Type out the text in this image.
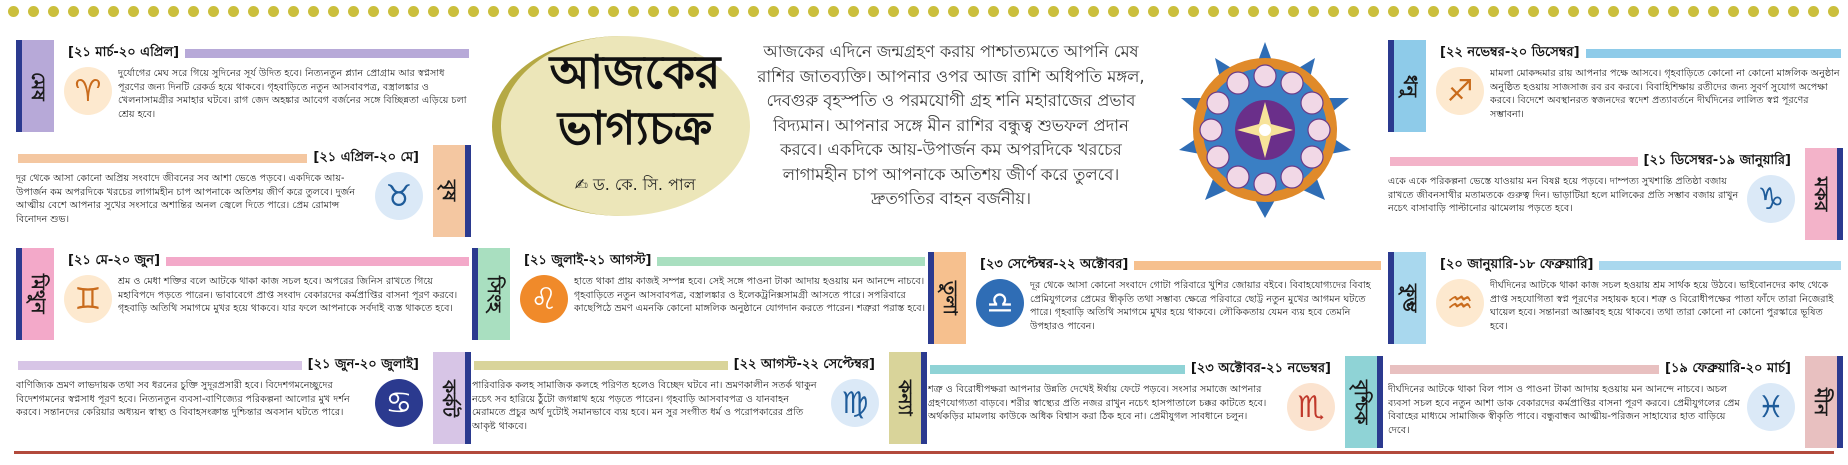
মেষ
[২১ মার্চ-২০ এপ্রিল]
♈	দুর্যোগের মেঘ সরে গিয়ে সুদিনের সূর্য উদিত হবে। নিত্যনতুন প্ল্যান প্রোগ্রাম আর স্বপ্নসাধ পূরণের জন্য দিনটি রেকর্ড হয়ে থাকবে। গৃহবাড়িতে নতুন আসবাবপত্র, বস্ত্রালঙ্কার ও খেলনাসামগ্রীর সমাহার ঘটবে। রাগ জেদ অহঙ্কার আবেগ বর্জনের সঙ্গে বিচ্ছিন্নতা এড়িয়ে চলা শ্রেয় হবে।
বৃষ
[২১ এপ্রিল-২০ মে]
♉
দূর থেকে আসা কোনো অপ্রিয় সংবাদে জীবনের সব আশা ভেঙে পড়বে। একদিকে আয়-উপার্জন কম অপরদিকে খরচের লাগামহীন চাপ আপনাকে অতিশয় জীর্ণ করে তুলবে। দুর্জন আত্মীয় বেশে আপনার সুখের সংসারে অশান্তির অনল জ্বেলে দিতে পারে। প্রেম রোমান্স বিনোদন শুভ।
মিথুন
[২১ মে-২০ জুন]
♊	শ্রম ও মেধা শক্তির বলে আটকে থাকা কাজ সচল হবে। অপরের জিনিস রাখতে গিয়ে মহাবিপদে পড়তে পারেন। ভাবাবেগে প্রাপ্ত সংবাদ বেকারদের কর্মপ্রাপ্তির বাসনা পূরণ করবে। গৃহবাড়ি অতিথি সমাগমে মুখর হয়ে থাকবে। যার ফলে আপনাকে সর্বদাই ব্যস্ত থাকতে হবে।
কর্কট
[২১ জুন-২০ জুলাই]
♋
বাণিজ্যিক ভ্রমণ লাভদায়ক তথা সব ধরনের চুক্তি সুদূরপ্রসারী হবে। বিদেশগমনেচ্ছুদের বিদেশগমনের স্বপ্নসাধ পূরণ হবে। নিত্যনতুন ব্যবসা-বাণিজ্যের পরিকল্পনা আলোর মুখ দর্শন করবে। সন্তানদের কেরিয়ার অধ্যয়ন স্বাস্থ্য ও বিবাহসংক্রান্ত দুশ্চিন্তার অবসান ঘটতে পারে।
আজকের
ভাগ্যচক্র
✍ ড. কে. সি. পাল
আজকের এদিনে জন্মগ্রহণ করায় পাশ্চাত্যমতে আপনি মেষ রাশির জাতব্যক্তি। আপনার ওপর আজ রাশি অধিপতি মঙ্গল, দেবগুরু বৃহস্পতি ও পরমযোগী গ্রহ শনি মহারাজের প্রভাব বিদ্যমান। আপনার সঙ্গে মীন রাশির বন্ধুত্ব শুভফল প্রদান করবে। একদিকে আয়-উপার্জন কম অপরদিকে খরচের লাগামহীন চাপ আপনাকে অতিশয় জীর্ণ করে তুলবে। দ্রুতগতির বাহন বর্জনীয়।
সিংহ
[২১ জুলাই-২১ আগস্ট]
♌	হাতে থাকা প্রায় কাজই সম্পন্ন হবে। সেই সঙ্গে পাওনা টাকা আদায় হওয়ায় মন আনন্দে নাচবে। গৃহবাড়িতে নতুন আসবাবপত্র, বস্ত্রালঙ্কার ও ইলেকট্রনিক্সসামগ্রী আসতে পারে। সপরিবারে কাছেপিঠে ভ্রমণ এমনকি কোনো মাঙ্গলিক অনুষ্ঠানে যোগদান করতে পারেন। শত্রুরা পরাস্ত হবে।
কন্যা
[২২ আগস্ট-২২ সেপ্টেম্বর]
♍
পারিবারিক কলহ সামাজিক কলহে পরিণত হলেও বিচ্ছেদ ঘটবে না। ভ্রমণকালীন সতর্ক থাকুন নচেৎ সব হারিয়ে ঠুঁটো জগন্নাথ হয়ে পড়তে পারেন। গৃহবাড়ি আসবাবপত্র ও যানবাহন মেরামতে প্রচুর অর্থ দুটোই সমানভাবে ব্যয় হবে। মন সুর সংগীত ধর্ম ও পরোপকারের প্রতি আকৃষ্ট থাকবে।
তুলা
[২৩ সেপ্টেম্বর-২২ অক্টোবর]
♎	দূর থেকে আসা কোনো সংবাদে গোটা পরিবারে খুশির জোয়ার বইবে। বিবাহযোগ্যদের বিবাহ প্রেমিযুগলের প্রেমের স্বীকৃতি তথা সম্ভাব্য ক্ষেত্রে পরিবারে ছোট্ট নতুন মুখের আগমন ঘটতে পারে। গৃহবাড়ি অতিথি সমাগমে মুখর হয়ে থাকবে। লৌকিকতায় যেমন ব্যয় হবে তেমনি উপহারও পাবেন।
বৃশ্চিক
[২৩ অক্টোবর-২১ নভেম্বর]
♏
শত্রু ও বিরোধীপক্ষরা আপনার উন্নতি দেখেই ঈর্ষায় ফেটে পড়বে। সংসার সমাজে আপনার গ্রহণযোগ্যতা বাড়বে। শরীর স্বাস্থ্যের প্রতি নজর রাখুন নচেৎ হাসপাতালে চক্কর কাটতে হবে। অর্থকড়ির মামলায় কাউকে অধিক বিশ্বাস করা ঠিক হবে না। প্রেমীযুগল সাবধানে চলুন।
ধনু
[২২ নভেম্বর-২০ ডিসেম্বর]
♐	মামলা মোকদ্দমার রায় আপনার পক্ষে আসবে। গৃহবাড়িতে কোনো না কোনো মাঙ্গলিক অনুষ্ঠান অনুষ্ঠিত হওয়ায় সাজসাজ রব রব করবে। বিবাহিশিক্ষায় রতীদের জন্য সুবর্ণ সুযোগ অপেক্ষা করবে। বিদেশে অবস্থানরত স্বজনদের স্বদেশ প্রত্যাবর্তনে দীর্ঘদিনের লালিত স্বপ্ন পূরণের সম্ভাবনা।
মকর
[২১ ডিসেম্বর-১৯ জানুয়ারি]
♑
একে একে পরিকল্পনা ভেস্তে যাওয়ায় মন বিষণ্ণ হয়ে পড়বে। দাম্পত্য সুখশান্তি প্রতিষ্ঠা বজায় রাখতে জীবনসাথীর মতামতকে গুরুত্ব দিন। ভাড়াটিয়া হলে মালিকের প্রতি সম্ভাব বজায় রাখুন নচেৎ বাসাবাড়ি পাল্টানোর ঝামেলায় পড়তে হবে।
কুম্ভ
[২০ জানুয়ারি-১৮ ফেব্রুয়ারি]
♒	দীর্ঘদিনের আটকে থাকা কাজ সচল হওয়ায় শ্রম সার্থক হয়ে উঠবে। ভাইবোনদের কাছ থেকে প্রাপ্ত সহযোগিতা স্বপ্ন পূরণের সহায়ক হবে। শত্রু ও বিরোধীপক্ষের পাতা ফাঁদে তারা নিজেরাই ঘায়েল হবে। সন্তানরা আজ্ঞাবহ হয়ে থাকবে। তথা তারা কোনো না কোনো পুরস্কারে ভূষিত হবে।
মীন
[১৯ ফেব্রুয়ারি-২০ মার্চ]
♓
দীর্ঘদিনের আটকে থাকা বিল পাস ও পাওনা টাকা আদায় হওয়ায় মন আনন্দে নাচবে। অচল ব্যবসা সচল হবে নতুন আশা ডাক বেকারদের কর্মপ্রাপ্তির বাসনা পূরণ করবে। প্রেমীযুগলের প্রেম বিবাহের মাধ্যমে সামাজিক স্বীকৃতি পাবে। বন্ধুবান্ধব আত্মীয়-পরিজন সাহায্যের হাত বাড়িয়ে দেবে।
